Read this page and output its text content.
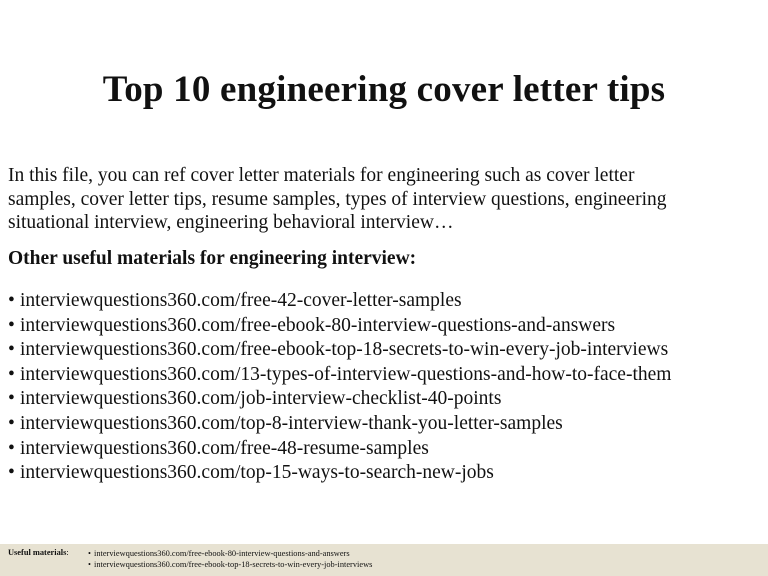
Top 10 engineering cover letter tips

In this file, you can ref cover letter materials for engineering such as cover letter
samples, cover letter tips, resume samples, types of interview questions, engineering
situational interview, engineering behavioral interview…

Other useful materials for engineering interview:
• interviewquestions360.com/free-42-cover-letter-samples
• interviewquestions360.com/free-ebook-80-interview-questions-and-answers
• interviewquestions360.com/free-ebook-top-18-secrets-to-win-every-job-interviews
• interviewquestions360.com/13-types-of-interview-questions-and-how-to-face-them
• interviewquestions360.com/job-interview-checklist-40-points
• interviewquestions360.com/top-8-interview-thank-you-letter-samples
• interviewquestions360.com/free-48-resume-samples
• interviewquestions360.com/top-15-ways-to-search-new-jobs
Useful materials: • interviewquestions360.com/free-ebook-80-interview-questions-and-answers
• interviewquestions360.com/free-ebook-top-18-secrets-to-win-every-job-interviews
